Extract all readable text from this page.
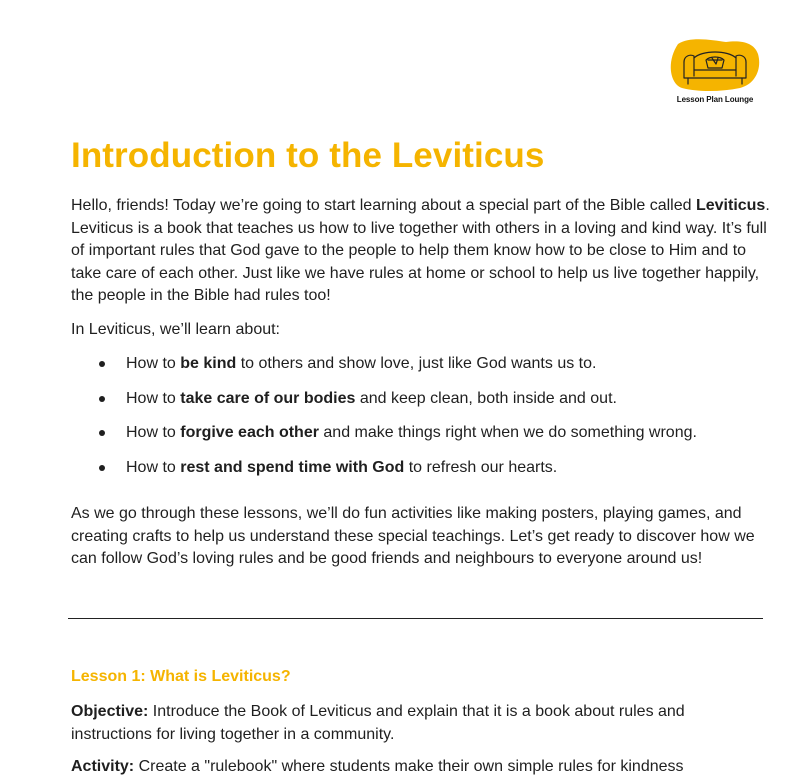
Lesson Plan Lounge
Introduction to the Leviticus

Hello, friends! Today we’re going to start learning about a special part of the Bible called Leviticus. Leviticus is a book that teaches us how to live together with others in a loving and kind way. It’s full of important rules that God gave to the people to help them know how to be close to Him and to take care of each other. Just like we have rules at home or school to help us live together happily, the people in the Bible had rules too!

In Leviticus, we’ll learn about:

How to be kind to others and show love, just like God wants us to.
How to take care of our bodies and keep clean, both inside and out.
How to forgive each other and make things right when we do something wrong.
How to rest and spend time with God to refresh our hearts.

As we go through these lessons, we’ll do fun activities like making posters, playing games, and creating crafts to help us understand these special teachings. Let’s get ready to discover how we can follow God’s loving rules and be good friends and neighbours to everyone around us!

Lesson 1: What is Leviticus?

Objective: Introduce the Book of Leviticus and explain that it is a book about rules and instructions for living together in a community.

Activity: Create a "rulebook" where students make their own simple rules for kindness
